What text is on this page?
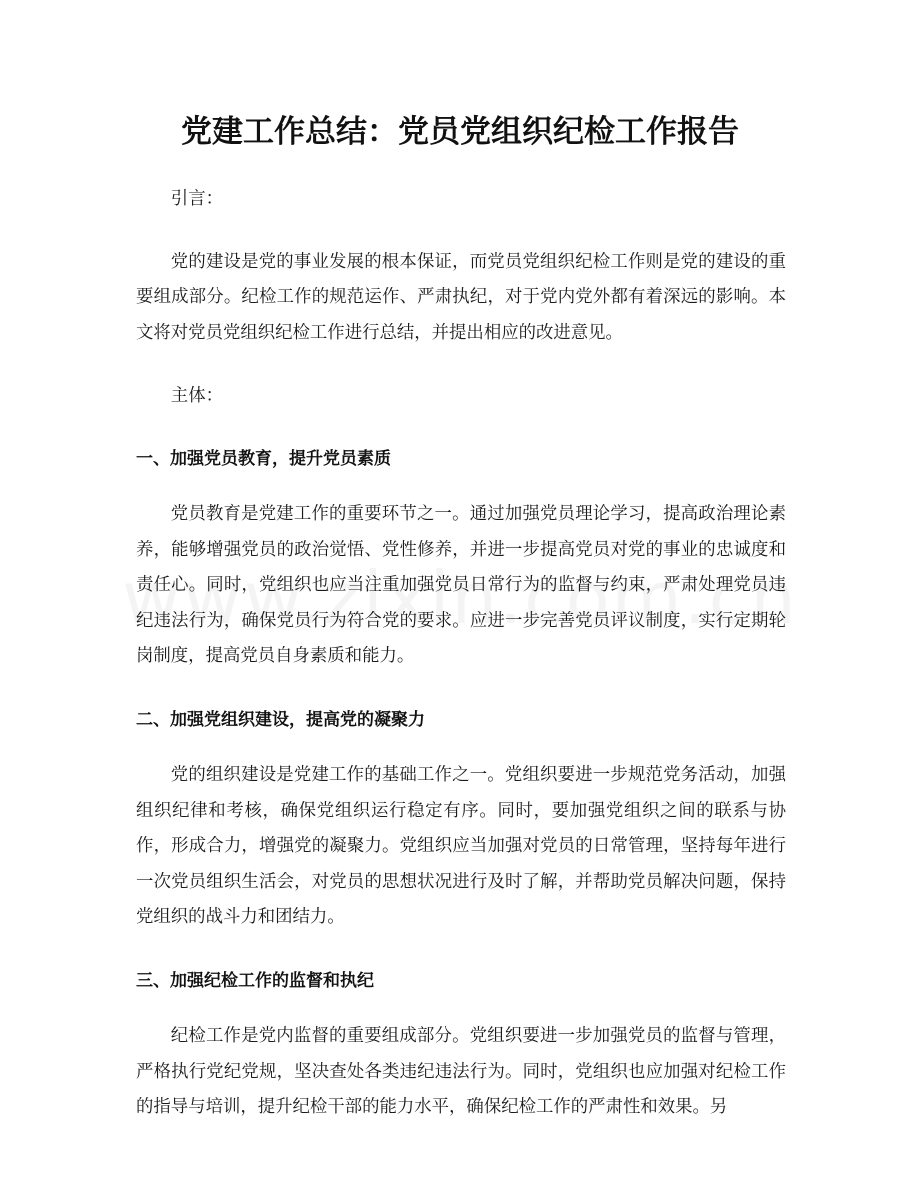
党建工作总结：党员党组织纪检工作报告

引言：

党的建设是党的事业发展的根本保证，而党员党组织纪检工作则是党的建设的重要组成部分。纪检工作的规范运作、严肃执纪，对于党内党外都有着深远的影响。本文将对党员党组织纪检工作进行总结，并提出相应的改进意见。

主体：

一、加强党员教育，提升党员素质

党员教育是党建工作的重要环节之一。通过加强党员理论学习，提高政治理论素养，能够增强党员的政治觉悟、党性修养，并进一步提高党员对党的事业的忠诚度和责任心。同时，党组织也应当注重加强党员日常行为的监督与约束，严肃处理党员违纪违法行为，确保党员行为符合党的要求。应进一步完善党员评议制度，实行定期轮岗制度，提高党员自身素质和能力。

二、加强党组织建设，提高党的凝聚力

党的组织建设是党建工作的基础工作之一。党组织要进一步规范党务活动，加强组织纪律和考核，确保党组织运行稳定有序。同时，要加强党组织之间的联系与协作，形成合力，增强党的凝聚力。党组织应当加强对党员的日常管理，坚持每年进行一次党员组织生活会，对党员的思想状况进行及时了解，并帮助党员解决问题，保持党组织的战斗力和团结力。

三、加强纪检工作的监督和执纪

纪检工作是党内监督的重要组成部分。党组织要进一步加强党员的监督与管理，严格执行党纪党规，坚决查处各类违纪违法行为。同时，党组织也应加强对纪检工作的指导与培训，提升纪检干部的能力水平，确保纪检工作的严肃性和效果。另
